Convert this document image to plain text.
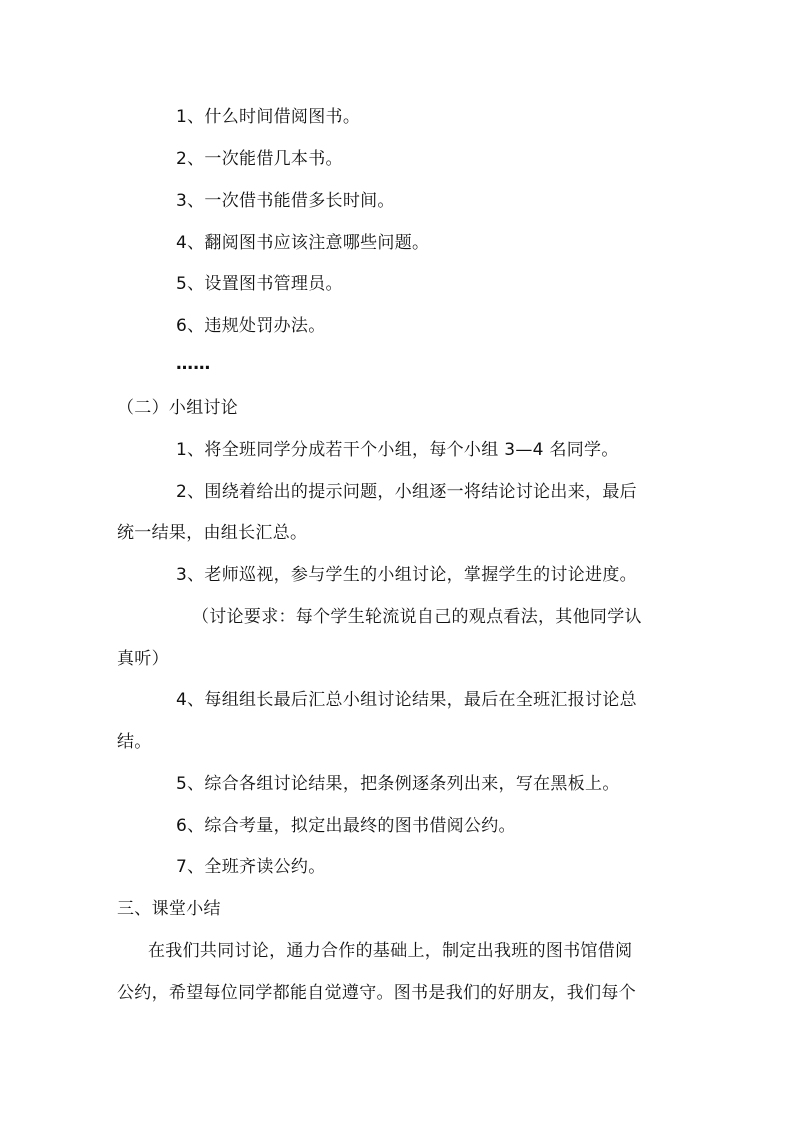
1、什么时间借阅图书。
2、一次能借几本书。
3、一次借书能借多长时间。
4、翻阅图书应该注意哪些问题。
5、设置图书管理员。
6、违规处罚办法。
……
（二）小组讨论
1、将全班同学分成若干个小组，每个小组 3—4 名同学。
2、围绕着给出的提示问题，小组逐一将结论讨论出来，最后
统一结果，由组长汇总。
3、老师巡视，参与学生的小组讨论，掌握学生的讨论进度。
（讨论要求：每个学生轮流说自己的观点看法，其他同学认
真听）
4、每组组长最后汇总小组讨论结果，最后在全班汇报讨论总
结。
5、综合各组讨论结果，把条例逐条列出来，写在黑板上。
6、综合考量，拟定出最终的图书借阅公约。
7、全班齐读公约。
三、课堂小结
在我们共同讨论，通力合作的基础上，制定出我班的图书馆借阅
公约，希望每位同学都能自觉遵守。图书是我们的好朋友，我们每个
